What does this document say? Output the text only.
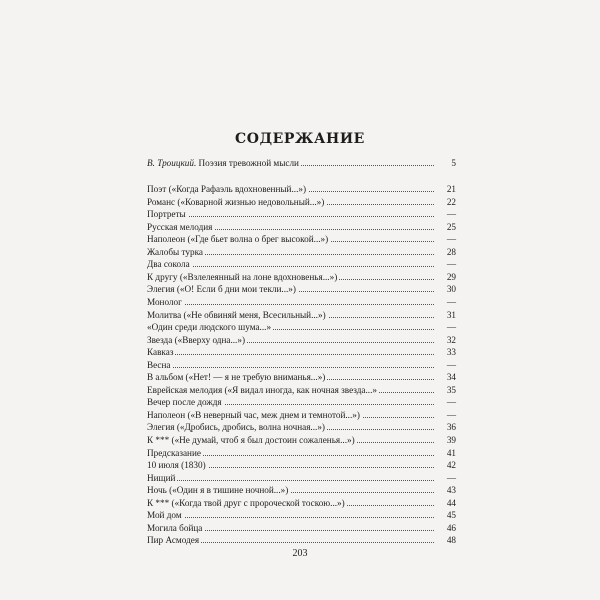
СОДЕРЖАНИЕ
В. Троицкий. Поэзия тревожной мысли	5
Поэт («Когда Рафаэль вдохновенный...»)	21
Романс («Коварной жизнью недовольный...»)	22
Портреты	—
Русская мелодия	25
Наполеон («Где бьет волна о брег высокой...»)	—
Жалобы турка	28
Два сокола	—
К другу («Взлелеянный на лоне вдохновенья...»)	29
Элегия («О! Если б дни мои текли...»)	30
Монолог	—
Молитва («Не обвиняй меня, Всесильный...»)	31
«Один среди людского шума...»	—
Звезда («Вверху одна...»)	32
Кавказ	33
Весна	—
В альбом («Нет! — я не требую вниманья...»)	34
Еврейская мелодия («Я видал иногда, как ночная звезда...»	35
Вечер после дождя	—
Наполеон («В неверный час, меж днем и темнотой...»)	—
Элегия («Дробись, дробись, волна ночная...»)	36
К *** («Не думай, чтоб я был достоин сожаленья...»)	39
Предсказание	41
10 июля (1830)	42
Нищий	—
Ночь («Один я в тишине ночной...»)	43
К *** («Когда твой друг с пророческой тоскою...»)	44
Мой дом	45
Могила бойца	46
Пир Асмодея	48
203
